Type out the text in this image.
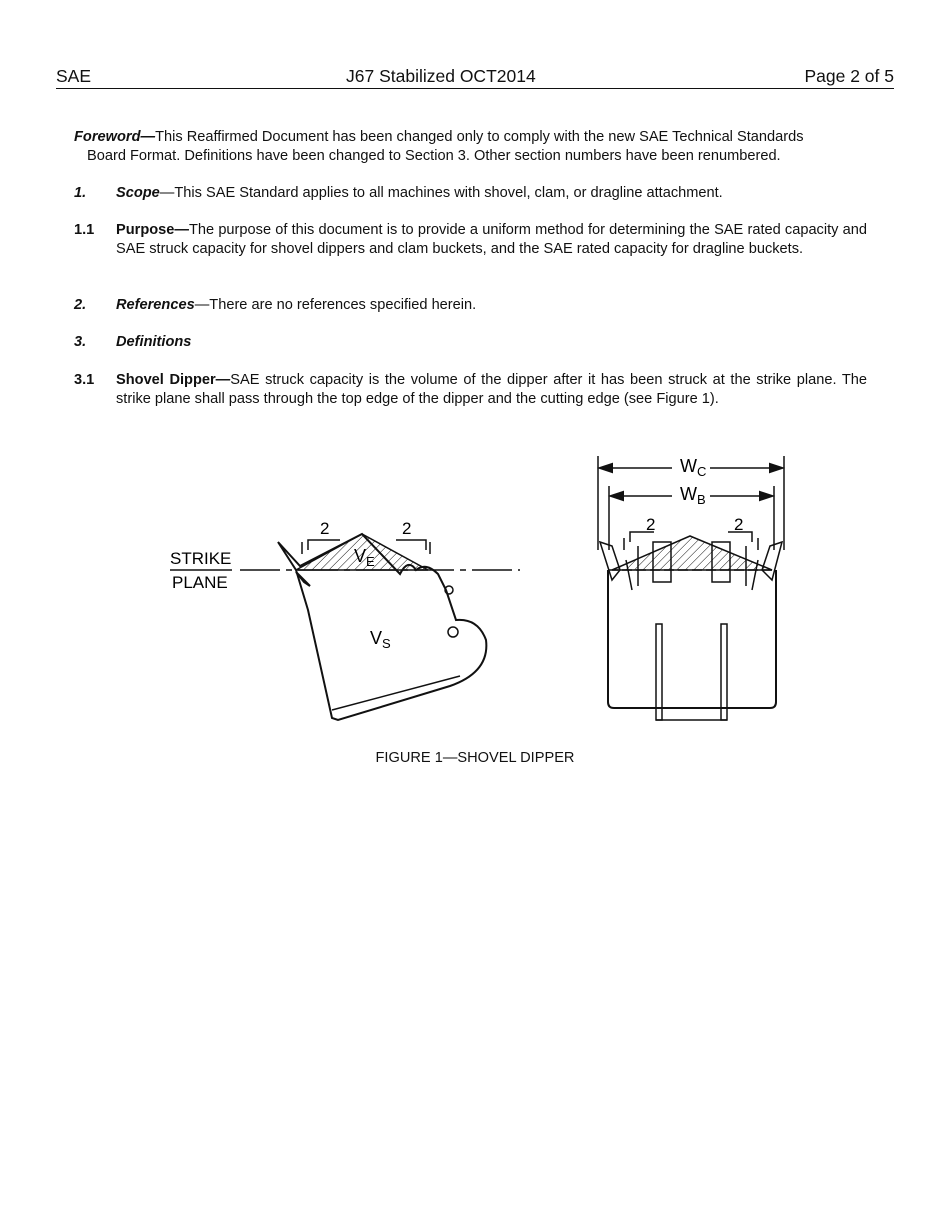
SAE	J67 Stabilized OCT2014	Page 2 of 5
Foreword—This Reaffirmed Document has been changed only to comply with the new SAE Technical Standards
Board Format. Definitions have been changed to Section 3. Other section numbers have been renumbered.
1. Scope—This SAE Standard applies to all machines with shovel, clam, or dragline attachment.
1.1 Purpose—The purpose of this document is to provide a uniform method for determining the SAE rated capacity and SAE struck capacity for shovel dippers and clam buckets, and the SAE rated capacity for dragline buckets.
2. References—There are no references specified herein.
3. Definitions
3.1 Shovel Dipper—SAE struck capacity is the volume of the dipper after it has been struck at the strike plane. The strike plane shall pass through the top edge of the dipper and the cutting edge (see Figure 1).
STRIKE
PLANE
2	2
$V_E$
$V_S$
$W_C$
$W_B$
2	2
FIGURE 1—SHOVEL DIPPER
